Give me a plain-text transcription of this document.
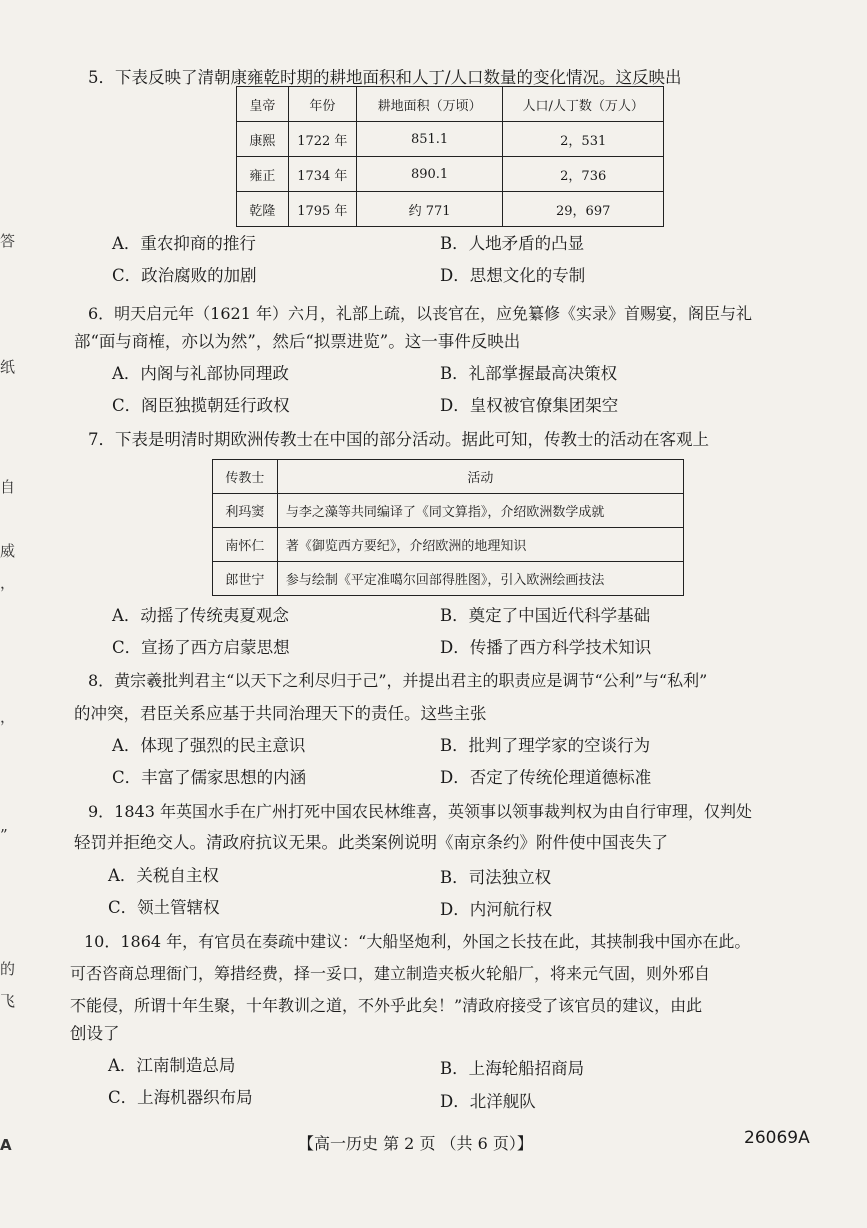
答
纸
自
威
，
，
”
的
飞
A
5．下表反映了清朝康雍乾时期的耕地面积和人丁/人口数量的变化情况。这反映出
皇帝	年份	耕地面积（万顷）	人口/人丁数（万人）
康熙	1722 年	851.1	2，531
雍正	1734 年	890.1	2，736
乾隆	1795 年	约 771	29，697
A．重农抑商的推行	B．人地矛盾的凸显
C．政治腐败的加剧	D．思想文化的专制
6．明天启元年（1621 年）六月，礼部上疏，以丧官在，应免纂修《实录》首赐宴，阁臣与礼
部“面与商榷，亦以为然”，然后“拟票进览”。这一事件反映出
A．内阁与礼部协同理政	B．礼部掌握最高决策权
C．阁臣独揽朝廷行政权	D．皇权被官僚集团架空
7．下表是明清时期欧洲传教士在中国的部分活动。据此可知，传教士的活动在客观上
传教士	活动
利玛窦	与李之藻等共同编译了《同文算指》，介绍欧洲数学成就
南怀仁	著《御览西方要纪》，介绍欧洲的地理知识
郎世宁	参与绘制《平定准噶尔回部得胜图》，引入欧洲绘画技法
A．动摇了传统夷夏观念	B．奠定了中国近代科学基础
C．宣扬了西方启蒙思想	D．传播了西方科学技术知识
8．黄宗羲批判君主“以天下之利尽归于己”，并提出君主的职责应是调节“公利”与“私利”
的冲突，君臣关系应基于共同治理天下的责任。这些主张
A．体现了强烈的民主意识	B．批判了理学家的空谈行为
C．丰富了儒家思想的内涵	D．否定了传统伦理道德标准
9．1843 年英国水手在广州打死中国农民林维喜，英领事以领事裁判权为由自行审理，仅判处
轻罚并拒绝交人。清政府抗议无果。此类案例说明《南京条约》附件使中国丧失了
A．关税自主权	B．司法独立权
C．领土管辖权	D．内河航行权
10．1864 年，有官员在奏疏中建议：“大船坚炮利，外国之长技在此，其挟制我中国亦在此。
可否咨商总理衙门，筹措经费，择一妥口，建立制造夹板火轮船厂，将来元气固，则外邪自
不能侵，所谓十年生聚，十年教训之道，不外乎此矣！”清政府接受了该官员的建议，由此
创设了
A．江南制造总局	B．上海轮船招商局
C．上海机器织布局	D．北洋舰队
【高一历史 第 2 页 （共 6 页）】	26069A
